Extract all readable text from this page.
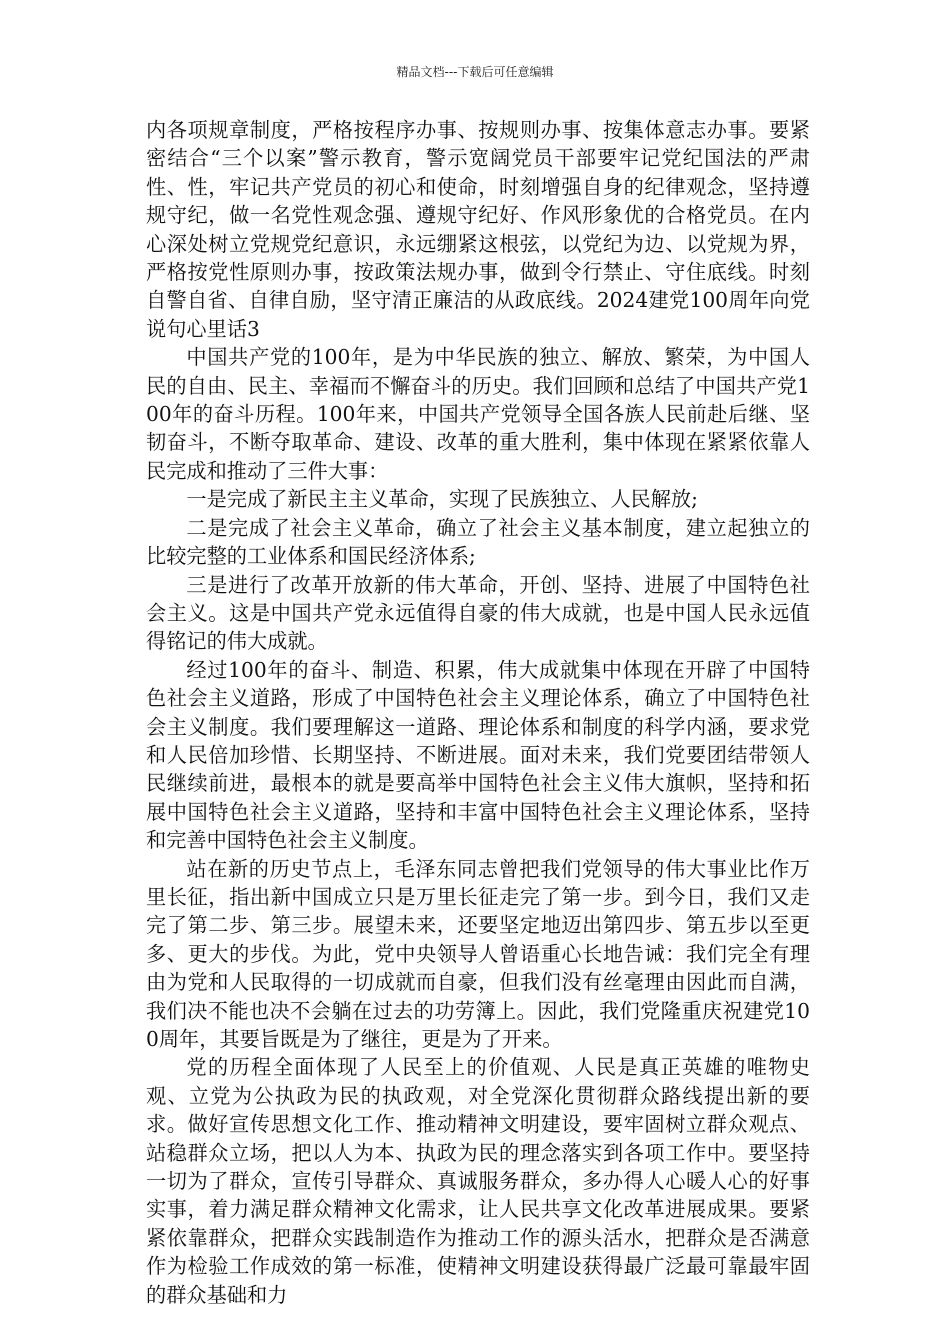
精品文档---下载后可任意编辑

内各项规章制度，严格按程序办事、按规则办事、按集体意志办事。要紧密结合“三个以案”警示教育，警示宽阔党员干部要牢记党纪国法的严肃性、性，牢记共产党员的初心和使命，时刻增强自身的纪律观念，坚持遵规守纪，做一名党性观念强、遵规守纪好、作风形象优的合格党员。在内心深处树立党规党纪意识，永远绷紧这根弦，以党纪为边、以党规为界，严格按党性原则办事，按政策法规办事，做到令行禁止、守住底线。时刻自警自省、自律自励，坚守清正廉洁的从政底线。2024建党100周年向党说句心里话3

中国共产党的100年，是为中华民族的独立、解放、繁荣，为中国人民的自由、民主、幸福而不懈奋斗的历史。我们回顾和总结了中国共产党100年的奋斗历程。100年来，中国共产党领导全国各族人民前赴后继、坚韧奋斗，不断夺取革命、建设、改革的重大胜利，集中体现在紧紧依靠人民完成和推动了三件大事：

一是完成了新民主主义革命，实现了民族独立、人民解放;

二是完成了社会主义革命，确立了社会主义基本制度，建立起独立的比较完整的工业体系和国民经济体系;

三是进行了改革开放新的伟大革命，开创、坚持、进展了中国特色社会主义。这是中国共产党永远值得自豪的伟大成就，也是中国人民永远值得铭记的伟大成就。

经过100年的奋斗、制造、积累，伟大成就集中体现在开辟了中国特色社会主义道路，形成了中国特色社会主义理论体系，确立了中国特色社会主义制度。我们要理解这一道路、理论体系和制度的科学内涵，要求党和人民倍加珍惜、长期坚持、不断进展。面对未来，我们党要团结带领人民继续前进，最根本的就是要高举中国特色社会主义伟大旗帜，坚持和拓展中国特色社会主义道路，坚持和丰富中国特色社会主义理论体系，坚持和完善中国特色社会主义制度。

站在新的历史节点上，毛泽东同志曾把我们党领导的伟大事业比作万里长征，指出新中国成立只是万里长征走完了第一步。到今日，我们又走完了第二步、第三步。展望未来，还要坚定地迈出第四步、第五步以至更多、更大的步伐。为此，党中央领导人曾语重心长地告诫：我们完全有理由为党和人民取得的一切成就而自豪，但我们没有丝毫理由因此而自满，我们决不能也决不会躺在过去的功劳簿上。因此，我们党隆重庆祝建党100周年，其要旨既是为了继往，更是为了开来。

党的历程全面体现了人民至上的价值观、人民是真正英雄的唯物史观、立党为公执政为民的执政观，对全党深化贯彻群众路线提出新的要求。做好宣传思想文化工作、推动精神文明建设，要牢固树立群众观点、站稳群众立场，把以人为本、执政为民的理念落实到各项工作中。要坚持一切为了群众，宣传引导群众、真诚服务群众，多办得人心暖人心的好事实事，着力满足群众精神文化需求，让人民共享文化改革进展成果。要紧紧依靠群众，把群众实践制造作为推动工作的源头活水，把群众是否满意作为检验工作成效的第一标准，使精神文明建设获得最广泛最可靠最牢固的群众基础和力
